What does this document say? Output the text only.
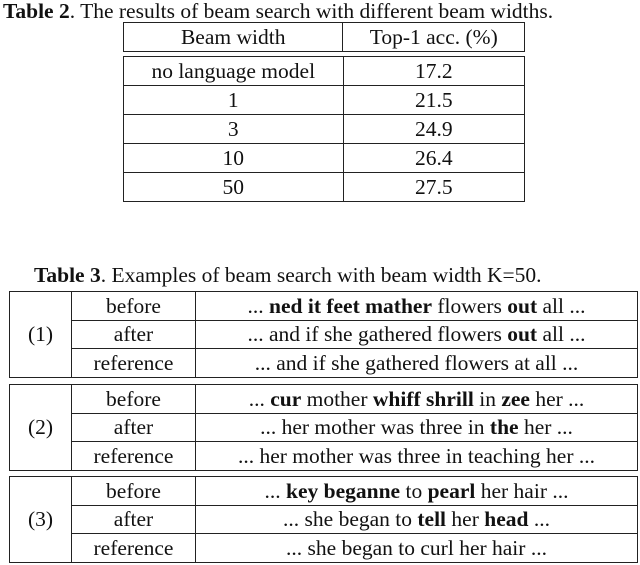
Table 2. The results of beam search with different beam widths.
Beam width	Top-1 acc. (%)
no language model	17.2
1	21.5
3	24.9
10	26.4
50	27.5
Table 3. Examples of beam search with beam width K=50.
(1)	before	... ned it feet mather flowers out all ...
	after	... and if she gathered flowers out all ...
	reference	... and if she gathered flowers at all ...
(2)	before	... cur mother whiff shrill in zee her ...
	after	... her mother was three in the her ...
	reference	... her mother was three in teaching her ...
(3)	before	... key beganne to pearl her hair ...
	after	... she began to tell her head ...
	reference	... she began to curl her hair ...
